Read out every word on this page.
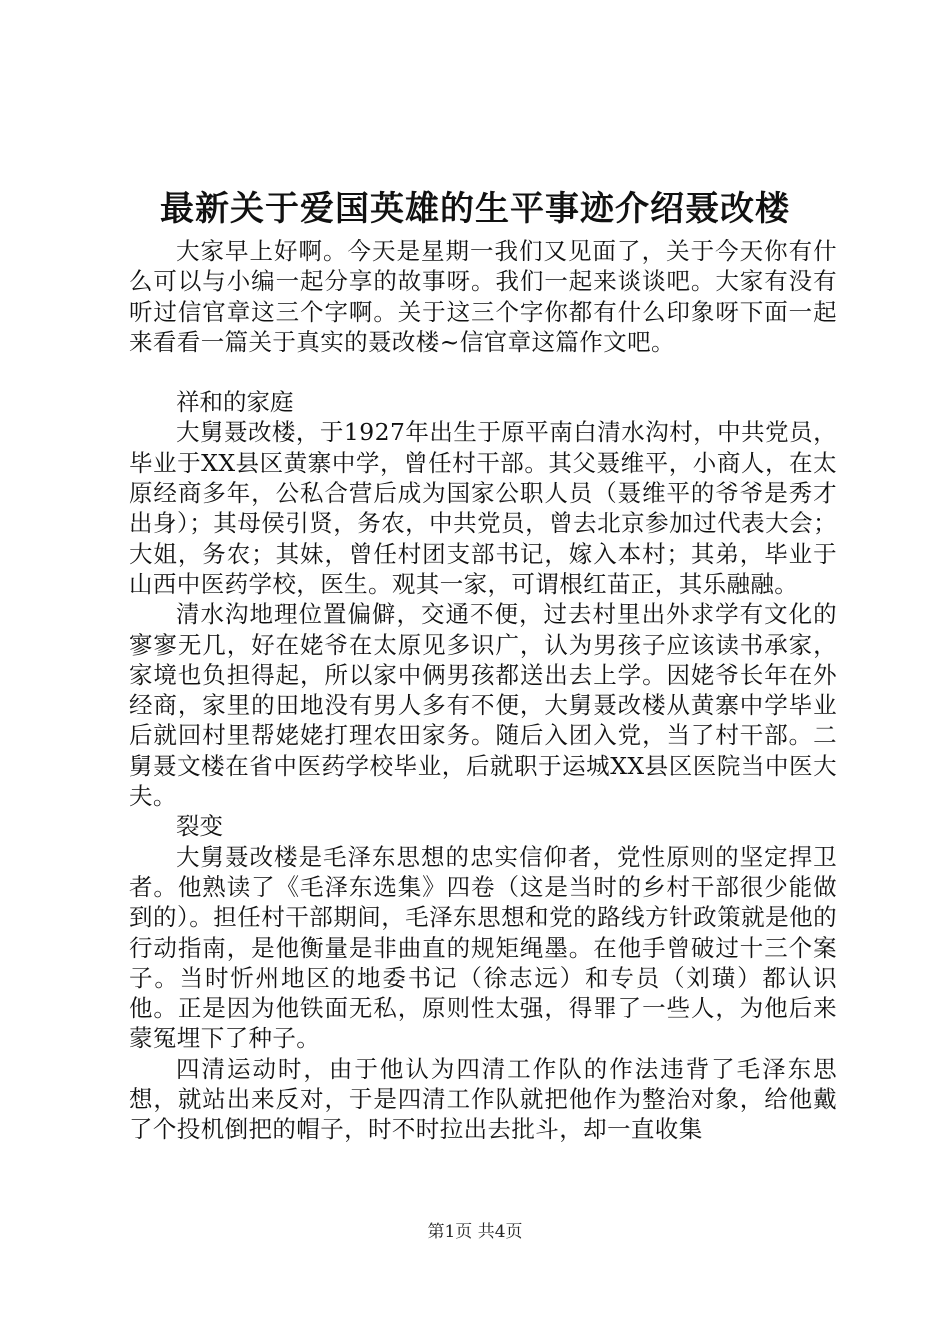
最新关于爱国英雄的生平事迹介绍聂改楼

大家早上好啊。今天是星期一我们又见面了，关于今天你有什么可以与小编一起分享的故事呀。我们一起来谈谈吧。大家有没有听过信官章这三个字啊。关于这三个字你都有什么印象呀下面一起来看看一篇关于真实的聂改楼~信官章这篇作文吧。

祥和的家庭

大舅聂改楼，于1927年出生于原平南白清水沟村，中共党员，毕业于XX县区黄寨中学，曾任村干部。其父聂维平，小商人，在太原经商多年，公私合营后成为国家公职人员（聂维平的爷爷是秀才出身）；其母侯引贤，务农，中共党员，曾去北京参加过代表大会；大姐，务农；其妹，曾任村团支部书记，嫁入本村；其弟，毕业于山西中医药学校，医生。观其一家，可谓根红苗正，其乐融融。

清水沟地理位置偏僻，交通不便，过去村里出外求学有文化的寥寥无几，好在姥爷在太原见多识广，认为男孩子应该读书承家，家境也负担得起，所以家中俩男孩都送出去上学。因姥爷长年在外经商，家里的田地没有男人多有不便，大舅聂改楼从黄寨中学毕业后就回村里帮姥姥打理农田家务。随后入团入党，当了村干部。二舅聂文楼在省中医药学校毕业，后就职于运城XX县区医院当中医大夫。

裂变

大舅聂改楼是毛泽东思想的忠实信仰者，党性原则的坚定捍卫者。他熟读了《毛泽东选集》四卷（这是当时的乡村干部很少能做到的）。担任村干部期间，毛泽东思想和党的路线方针政策就是他的行动指南，是他衡量是非曲直的规矩绳墨。在他手曾破过十三个案子。当时忻州地区的地委书记（徐志远）和专员（刘璜）都认识他。正是因为他铁面无私，原则性太强，得罪了一些人，为他后来蒙冤埋下了种子。

四清运动时，由于他认为四清工作队的作法违背了毛泽东思想，就站出来反对，于是四清工作队就把他作为整治对象，给他戴了个投机倒把的帽子，时不时拉出去批斗，却一直收集

第1页 共4页
